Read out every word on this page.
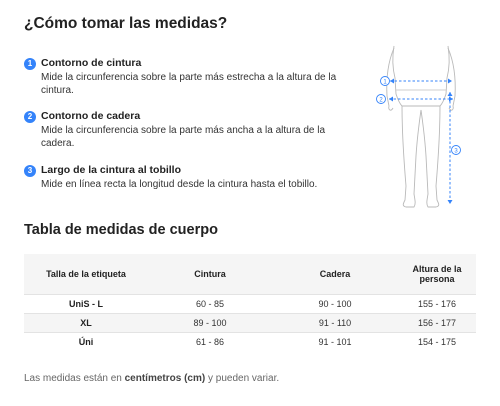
¿Cómo tomar las medidas?
1 Contorno de cintura
Mide la circunferencia sobre la parte más estrecha a la altura de la cintura.
2 Contorno de cadera
Mide la circunferencia sobre la parte más ancha a la altura de la cadera.
3 Largo de la cintura al tobillo
Mide en línea recta la longitud desde la cintura hasta el tobillo.
1
2
3
Tabla de medidas de cuerpo
Talla de la etiqueta	Cintura	Cadera	Altura de la persona
UniS - L	60 - 85	90 - 100	155 - 176
XL	89 - 100	91 - 110	156 - 177
Úni	61 - 86	91 - 101	154 - 175

Las medidas están en centímetros (cm) y pueden variar.
